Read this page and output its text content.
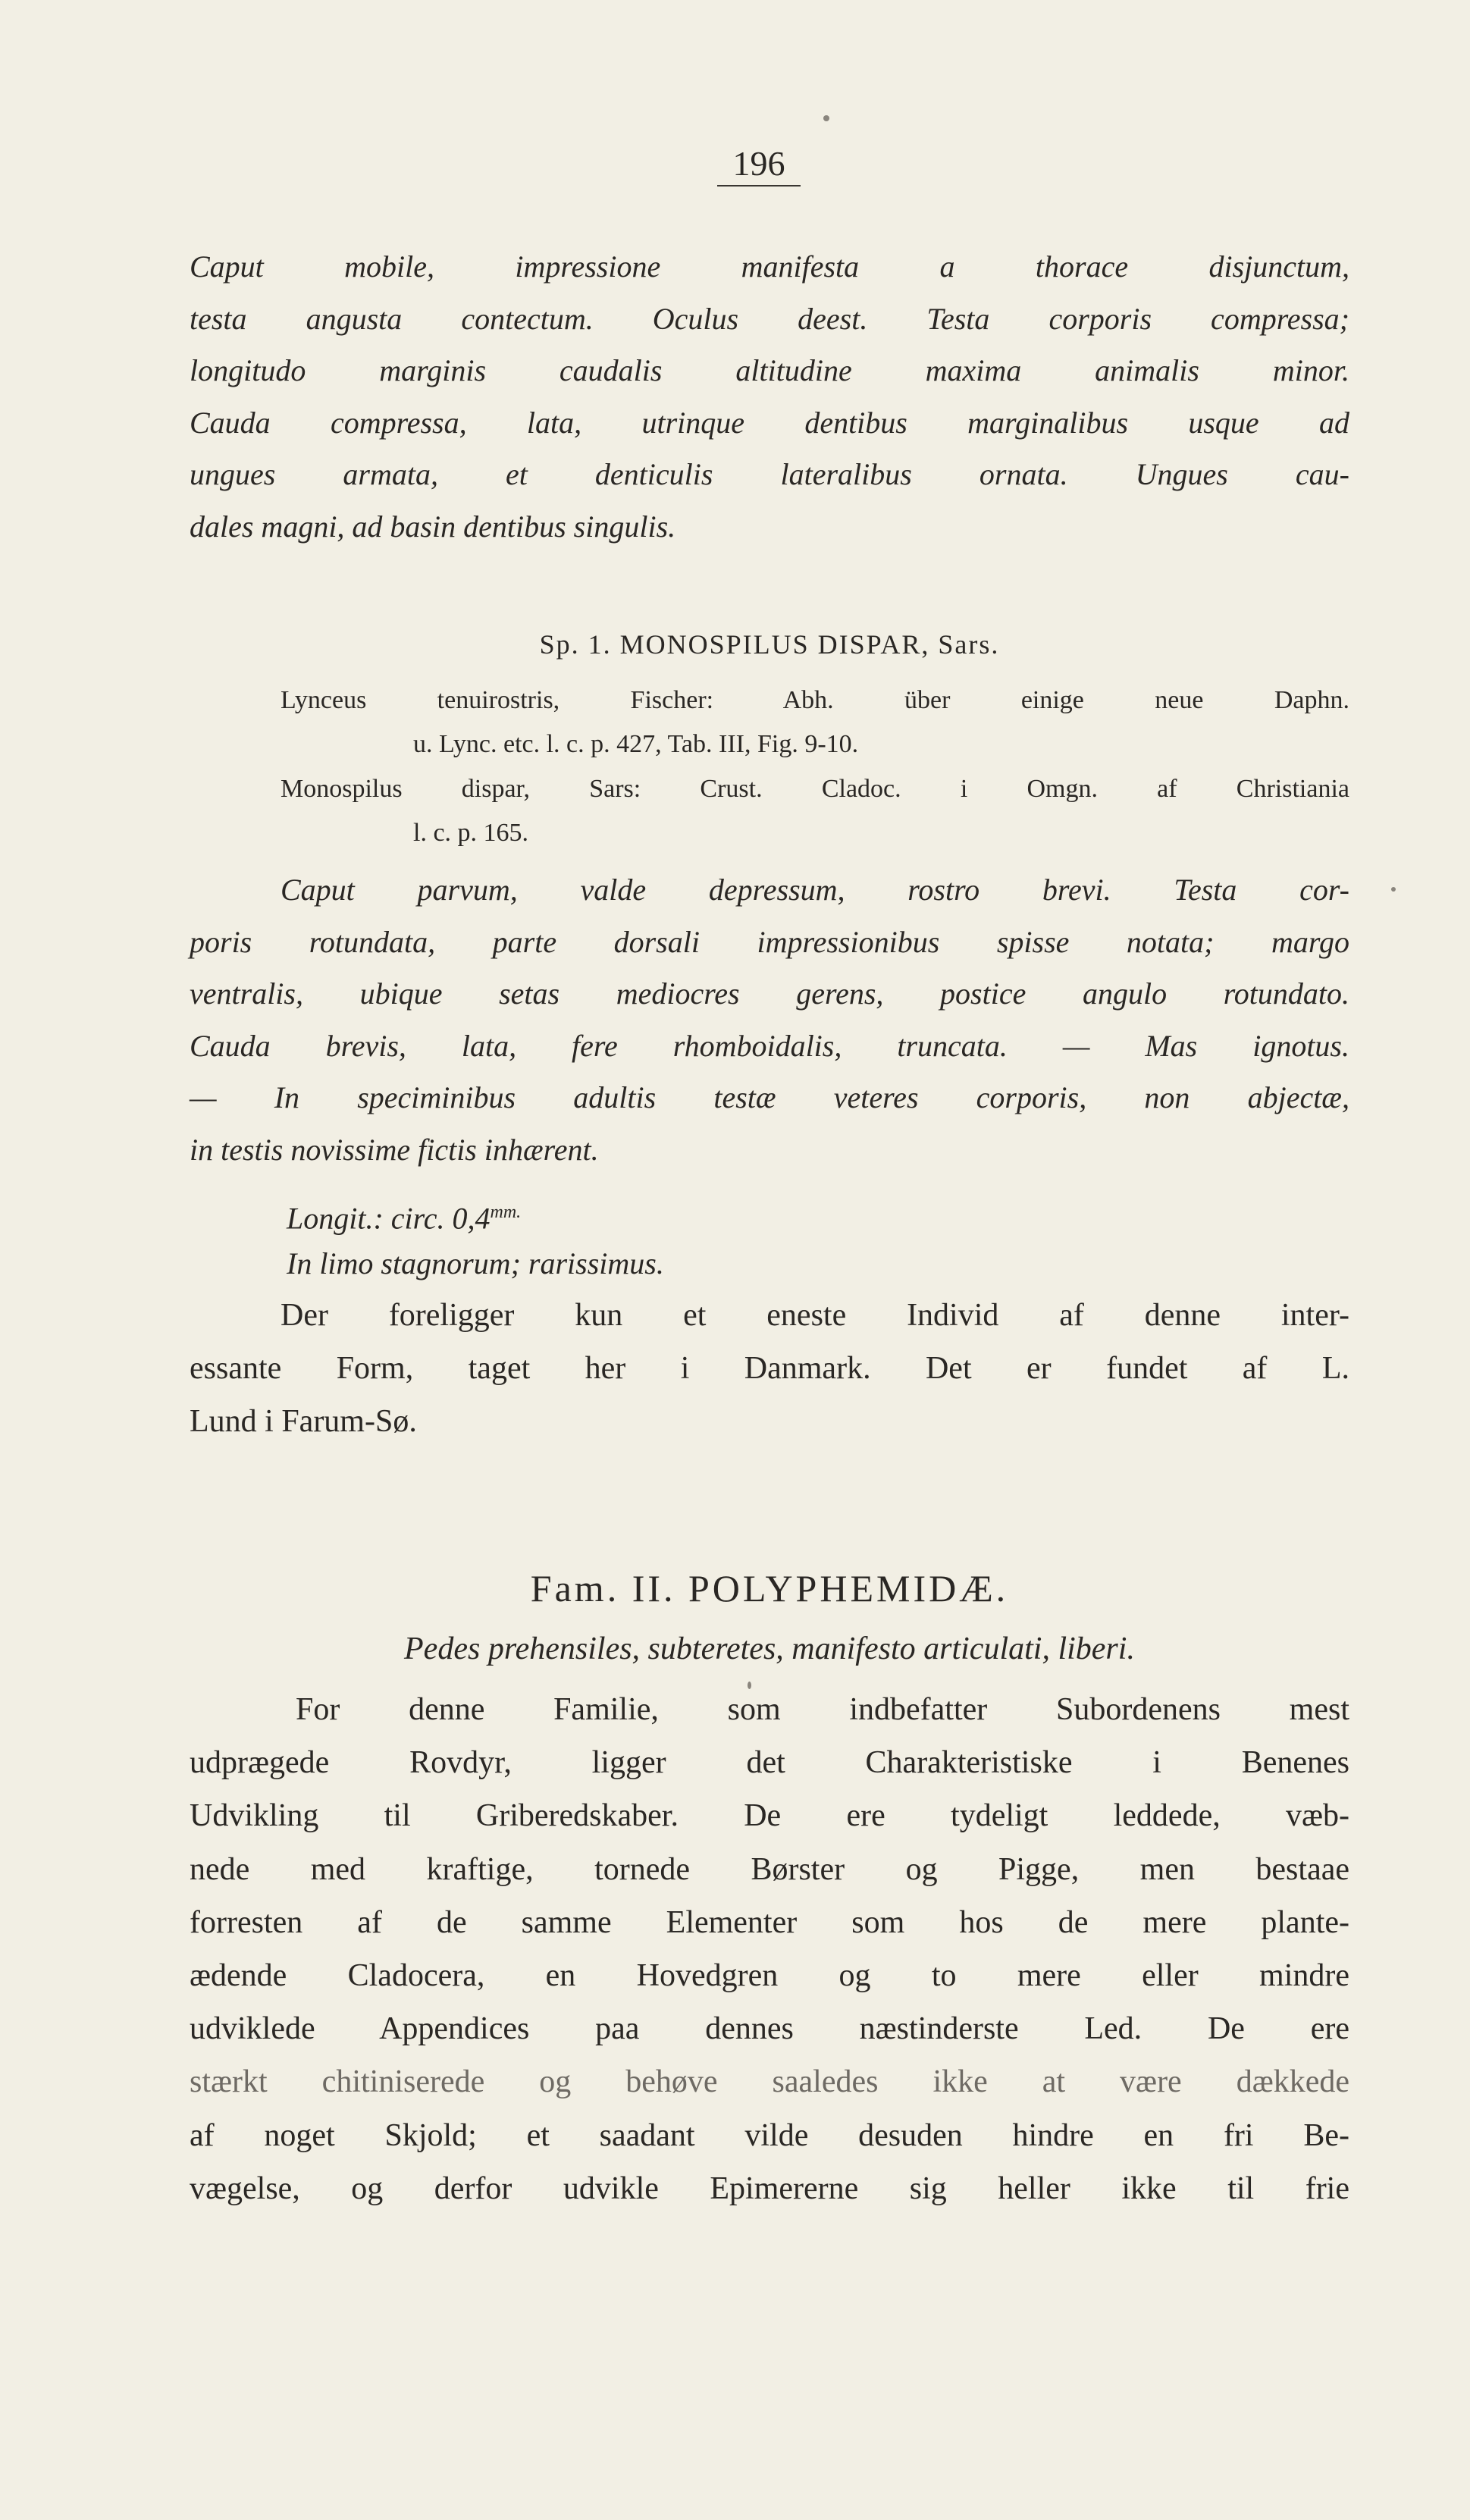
196
Caput mobile, impressione manifesta a thorace disjunctum,
testa angusta contectum. Oculus deest. Testa corporis compressa;
longitudo marginis caudalis altitudine maxima animalis minor.
Cauda compressa, lata, utrinque dentibus marginalibus usque ad
ungues armata, et denticulis lateralibus ornata. Ungues cau-
dales magni, ad basin dentibus singulis.
Sp. 1. MONOSPILUS DISPAR, Sars.
Lynceus tenuirostris, Fischer: Abh. über einige neue Daphn.
u. Lync. etc. l. c. p. 427, Tab. III, Fig. 9-10.
Monospilus dispar, Sars: Crust. Cladoc. i Omgn. af Christiania
l. c. p. 165.
Caput parvum, valde depressum, rostro brevi. Testa cor-
poris rotundata, parte dorsali impressionibus spisse notata; margo
ventralis, ubique setas mediocres gerens, postice angulo rotundato.
Cauda brevis, lata, fere rhomboidalis, truncata. — Mas ignotus.
— In speciminibus adultis testæ veteres corporis, non abjectæ,
in testis novissime fictis inhærent.
Longit.: circ. $0,4^{mm.}$
In limo stagnorum; rarissimus.
Der foreligger kun et eneste Individ af denne inter-
essante Form, taget her i Danmark. Det er fundet af L.
Lund i Farum-Sø.
Fam. II. POLYPHEMIDÆ.
Pedes prehensiles, subteretes, manifesto articulati, liberi.
For denne Familie, som indbefatter Subordenens mest
udprægede Rovdyr, ligger det Charakteristiske i Benenes
Udvikling til Griberedskaber. De ere tydeligt leddede, væb-
nede med kraftige, tornede Børster og Pigge, men bestaae
forresten af de samme Elementer som hos de mere plante-
ædende Cladocera, en Hovedgren og to mere eller mindre
udviklede Appendices paa dennes næstinderste Led. De ere
stærkt chitiniserede og behøve saaledes ikke at være dækkede
af noget Skjold; et saadant vilde desuden hindre en fri Be-
vægelse, og derfor udvikle Epimererne sig heller ikke til frie
